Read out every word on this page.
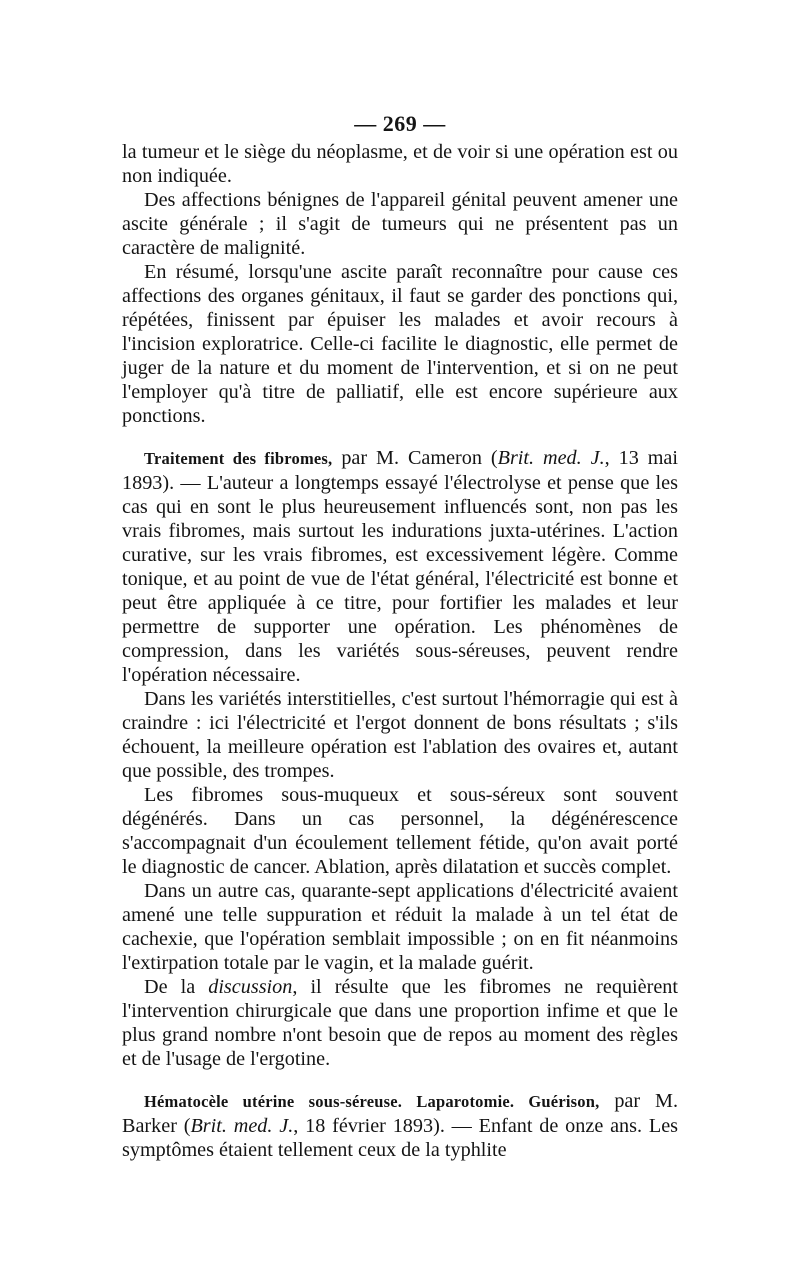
— 269 —

la tumeur et le siège du néoplasme, et de voir si une opération est ou non indiquée.

Des affections bénignes de l'appareil génital peuvent amener une ascite générale ; il s'agit de tumeurs qui ne présentent pas un caractère de malignité.

En résumé, lorsqu'une ascite paraît reconnaître pour cause ces affections des organes génitaux, il faut se garder des ponctions qui, répétées, finissent par épuiser les malades et avoir recours à l'incision exploratrice. Celle-ci facilite le diagnostic, elle permet de juger de la nature et du moment de l'intervention, et si on ne peut l'employer qu'à titre de palliatif, elle est encore supérieure aux ponctions.

Traitement des fibromes, par M. Cameron (Brit. med. J., 13 mai 1893). — L'auteur a longtemps essayé l'électrolyse et pense que les cas qui en sont le plus heureusement influencés sont, non pas les vrais fibromes, mais surtout les indurations juxta-utérines. L'action curative, sur les vrais fibromes, est excessivement légère. Comme tonique, et au point de vue de l'état général, l'électricité est bonne et peut être appliquée à ce titre, pour fortifier les malades et leur permettre de supporter une opération. Les phénomènes de compression, dans les variétés sous-séreuses, peuvent rendre l'opération nécessaire.

Dans les variétés interstitielles, c'est surtout l'hémorragie qui est à craindre : ici l'électricité et l'ergot donnent de bons résultats ; s'ils échouent, la meilleure opération est l'ablation des ovaires et, autant que possible, des trompes.

Les fibromes sous-muqueux et sous-séreux sont souvent dégénérés. Dans un cas personnel, la dégénérescence s'accompagnait d'un écoulement tellement fétide, qu'on avait porté le diagnostic de cancer. Ablation, après dilatation et succès complet.

Dans un autre cas, quarante-sept applications d'électricité avaient amené une telle suppuration et réduit la malade à un tel état de cachexie, que l'opération semblait impossible ; on en fit néanmoins l'extirpation totale par le vagin, et la malade guérit.

De la discussion, il résulte que les fibromes ne requièrent l'intervention chirurgicale que dans une proportion infime et que le plus grand nombre n'ont besoin que de repos au moment des règles et de l'usage de l'ergotine.

Hématocèle utérine sous-séreuse. Laparotomie. Guérison, par M. Barker (Brit. med. J., 18 février 1893). — Enfant de onze ans. Les symptômes étaient tellement ceux de la typhlite
